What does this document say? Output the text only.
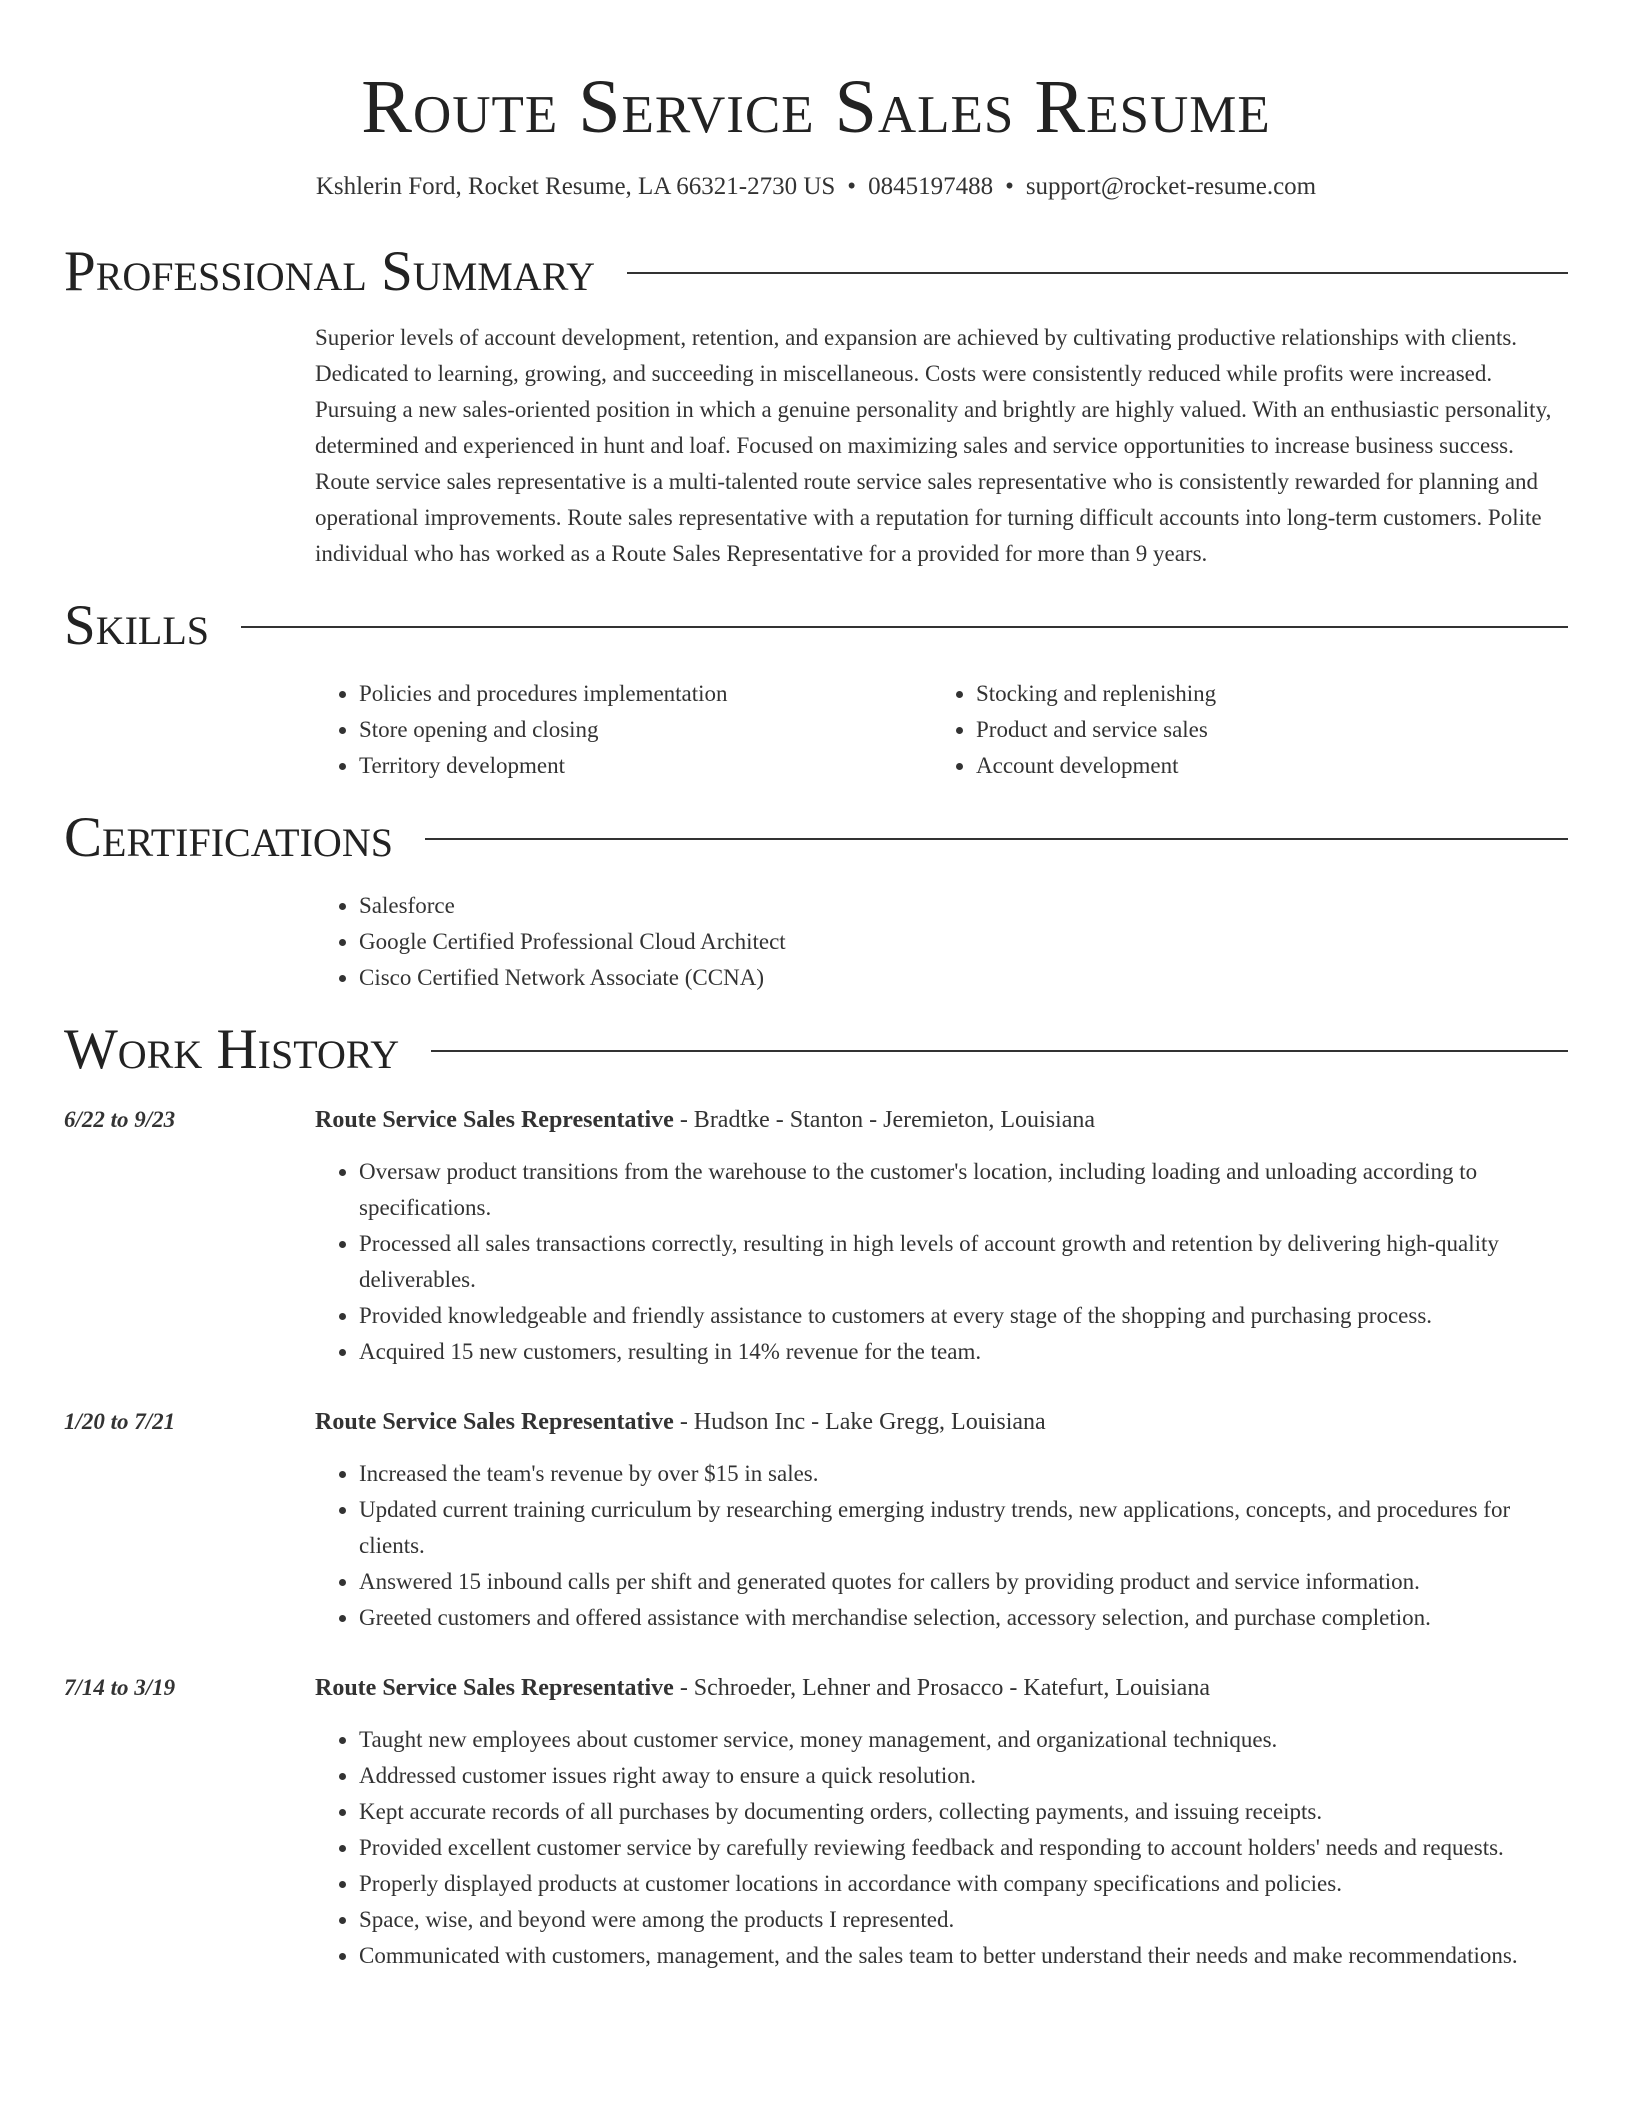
Route Service Sales Resume
Kshlerin Ford, Rocket Resume, LA 66321-2730 US • 0845197488 • support@rocket-resume.com
Professional Summary
Superior levels of account development, retention, and expansion are achieved by cultivating productive relationships with clients. Dedicated to learning, growing, and succeeding in miscellaneous. Costs were consistently reduced while profits were increased. Pursuing a new sales-oriented position in which a genuine personality and brightly are highly valued. With an enthusiastic personality, determined and experienced in hunt and loaf. Focused on maximizing sales and service opportunities to increase business success. Route service sales representative is a multi-talented route service sales representative who is consistently rewarded for planning and operational improvements. Route sales representative with a reputation for turning difficult accounts into long-term customers. Polite individual who has worked as a Route Sales Representative for a provided for more than 9 years.
Skills
• Policies and procedures implementation
• Store opening and closing
• Territory development
• Stocking and replenishing
• Product and service sales
• Account development
Certifications
• Salesforce
• Google Certified Professional Cloud Architect
• Cisco Certified Network Associate (CCNA)
Work History
6/22 to 9/23	Route Service Sales Representative - Bradtke - Stanton - Jeremieton, Louisiana
• Oversaw product transitions from the warehouse to the customer's location, including loading and unloading according to specifications.
• Processed all sales transactions correctly, resulting in high levels of account growth and retention by delivering high-quality deliverables.
• Provided knowledgeable and friendly assistance to customers at every stage of the shopping and purchasing process.
• Acquired 15 new customers, resulting in 14% revenue for the team.
1/20 to 7/21	Route Service Sales Representative - Hudson Inc - Lake Gregg, Louisiana
• Increased the team's revenue by over $15 in sales.
• Updated current training curriculum by researching emerging industry trends, new applications, concepts, and procedures for clients.
• Answered 15 inbound calls per shift and generated quotes for callers by providing product and service information.
• Greeted customers and offered assistance with merchandise selection, accessory selection, and purchase completion.
7/14 to 3/19	Route Service Sales Representative - Schroeder, Lehner and Prosacco - Katefurt, Louisiana
• Taught new employees about customer service, money management, and organizational techniques.
• Addressed customer issues right away to ensure a quick resolution.
• Kept accurate records of all purchases by documenting orders, collecting payments, and issuing receipts.
• Provided excellent customer service by carefully reviewing feedback and responding to account holders' needs and requests.
• Properly displayed products at customer locations in accordance with company specifications and policies.
• Space, wise, and beyond were among the products I represented.
• Communicated with customers, management, and the sales team to better understand their needs and make recommendations.
